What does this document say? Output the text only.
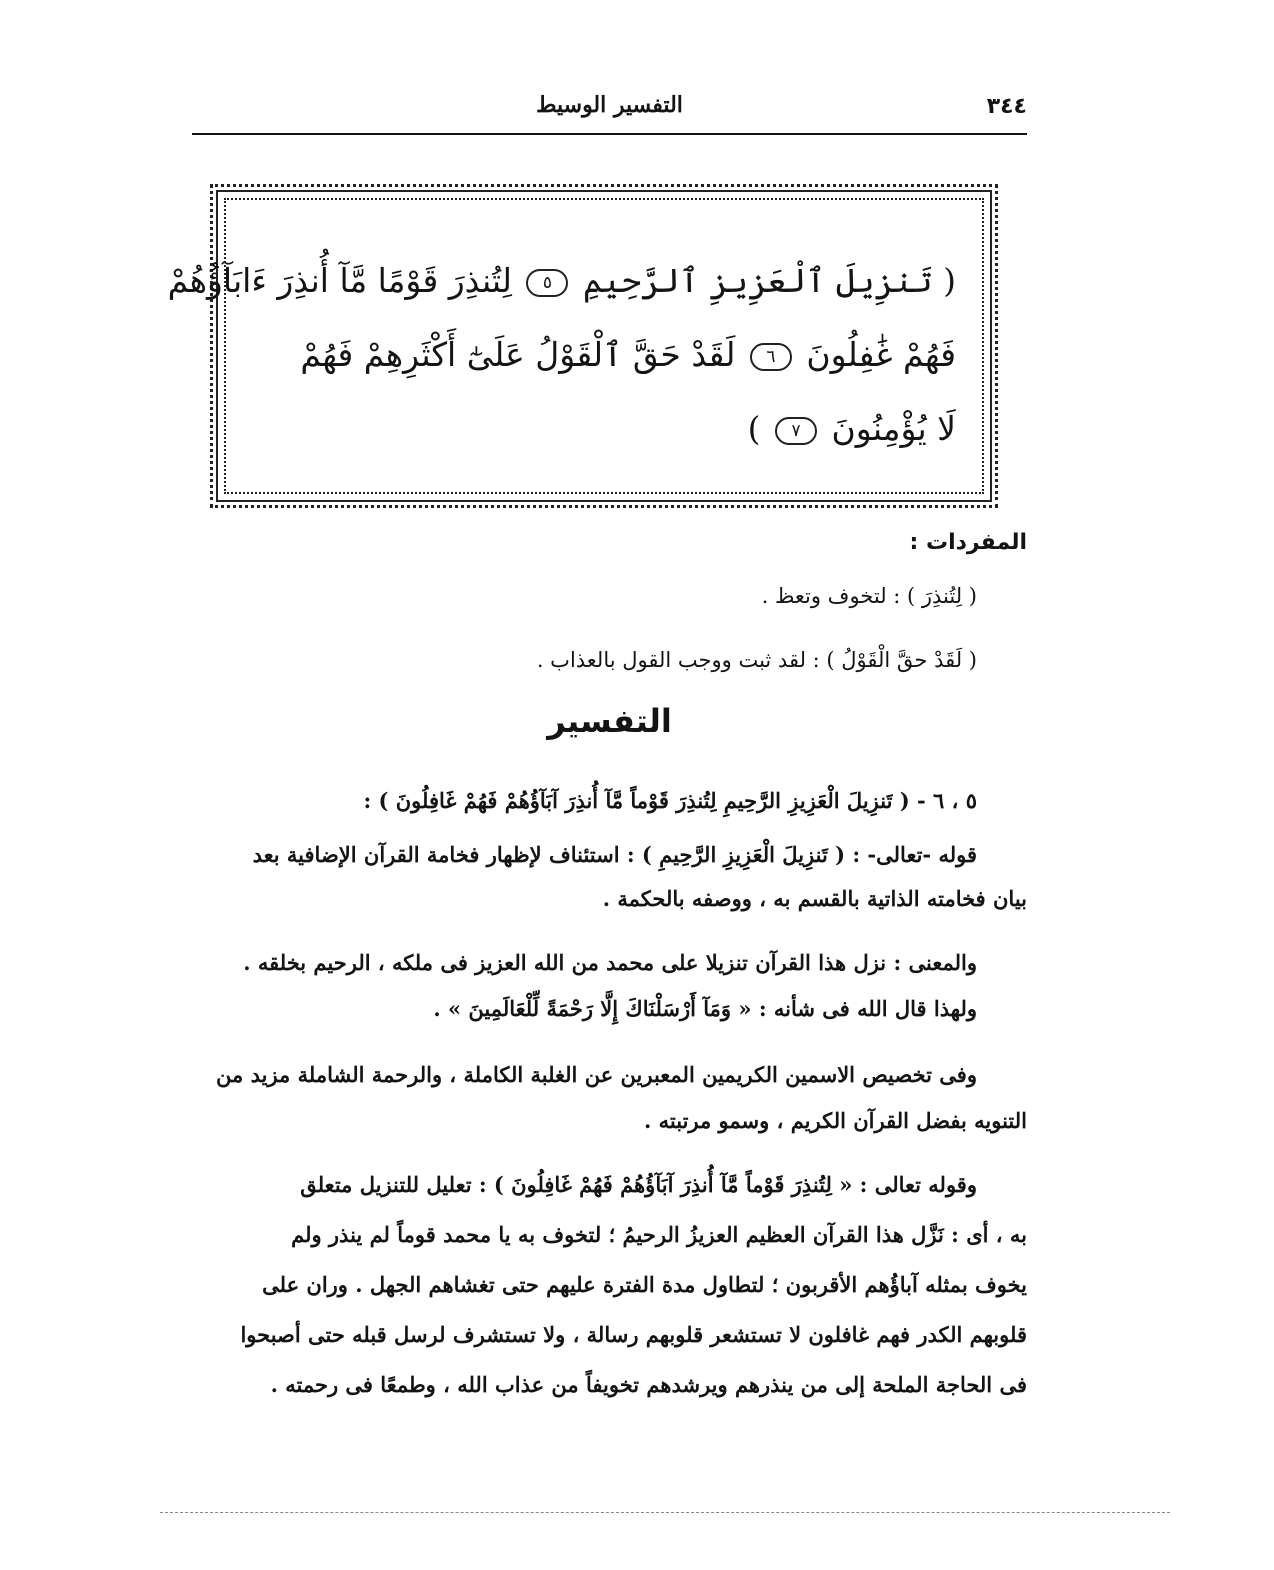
٣٤٤
التفسير الوسيط
( تَنزِيلَ ٱلْعَزِيزِ ٱلرَّحِيمِ ٥ لِتُنذِرَ قَوْمًا مَّآ أُنذِرَ ءَابَآؤُهُمْ
فَهُمْ غَٰفِلُونَ ٦ لَقَدْ حَقَّ ٱلْقَوْلُ عَلَىٰٓ أَكْثَرِهِمْ فَهُمْ
لَا يُؤْمِنُونَ ٧ )
المفردات :
( لِتُنذِرَ ) : لتخوف وتعظ .
( لَقَدْ حقَّ الْقَوْلُ ) : لقد ثبت ووجب القول بالعذاب .
التفسير
٥ ، ٦ - ( تَنزِيلَ الْعَزِيزِ الرَّحِيمِ لِتُنذِرَ قَوْماً مَّآ أُنذِرَ آبَآؤُهُمْ فَهُمْ غَافِلُونَ ) :
قوله -تعالى- : ( تَنزِيلَ الْعَزِيزِ الرَّحِيمِ ) : استئناف لإظهار فخامة القرآن الإضافية بعد
بيان فخامته الذاتية بالقسم به ، ووصفه بالحكمة .
والمعنى : نزل هذا القرآن تنزيلا على محمد من الله العزيز فى ملكه ، الرحيم بخلقه .
ولهذا قال الله فى شأنه : « وَمَآ أَرْسَلْنَاكَ إِلَّا رَحْمَةً لِّلْعَالَمِينَ » .
وفى تخصيص الاسمين الكريمين المعبرين عن الغلبة الكاملة ، والرحمة الشاملة مزيد من
التنويه بفضل القرآن الكريم ، وسمو مرتبته .
وقوله تعالى : « لِتُنذِرَ قَوْماً مَّآ أُنذِرَ آبَآؤُهُمْ فَهُمْ غَافِلُونَ ) : تعليل للتنزيل متعلق
به ، أى : نَزَّل هذا القرآن العظيم العزيزُ الرحيمُ ؛ لتخوف به يا محمد قوماً لم ينذر ولم
يخوف بمثله آباؤُهم الأقربون ؛ لتطاول مدة الفترة عليهم حتى تغشاهم الجهل . وران على
قلوبهم الكدر فهم غافلون لا تستشعر قلوبهم رسالة ، ولا تستشرف لرسل قبله حتى أصبحوا
فى الحاجة الملحة إلى من ينذرهم ويرشدهم تخويفاً من عذاب الله ، وطمعًا فى رحمته .
